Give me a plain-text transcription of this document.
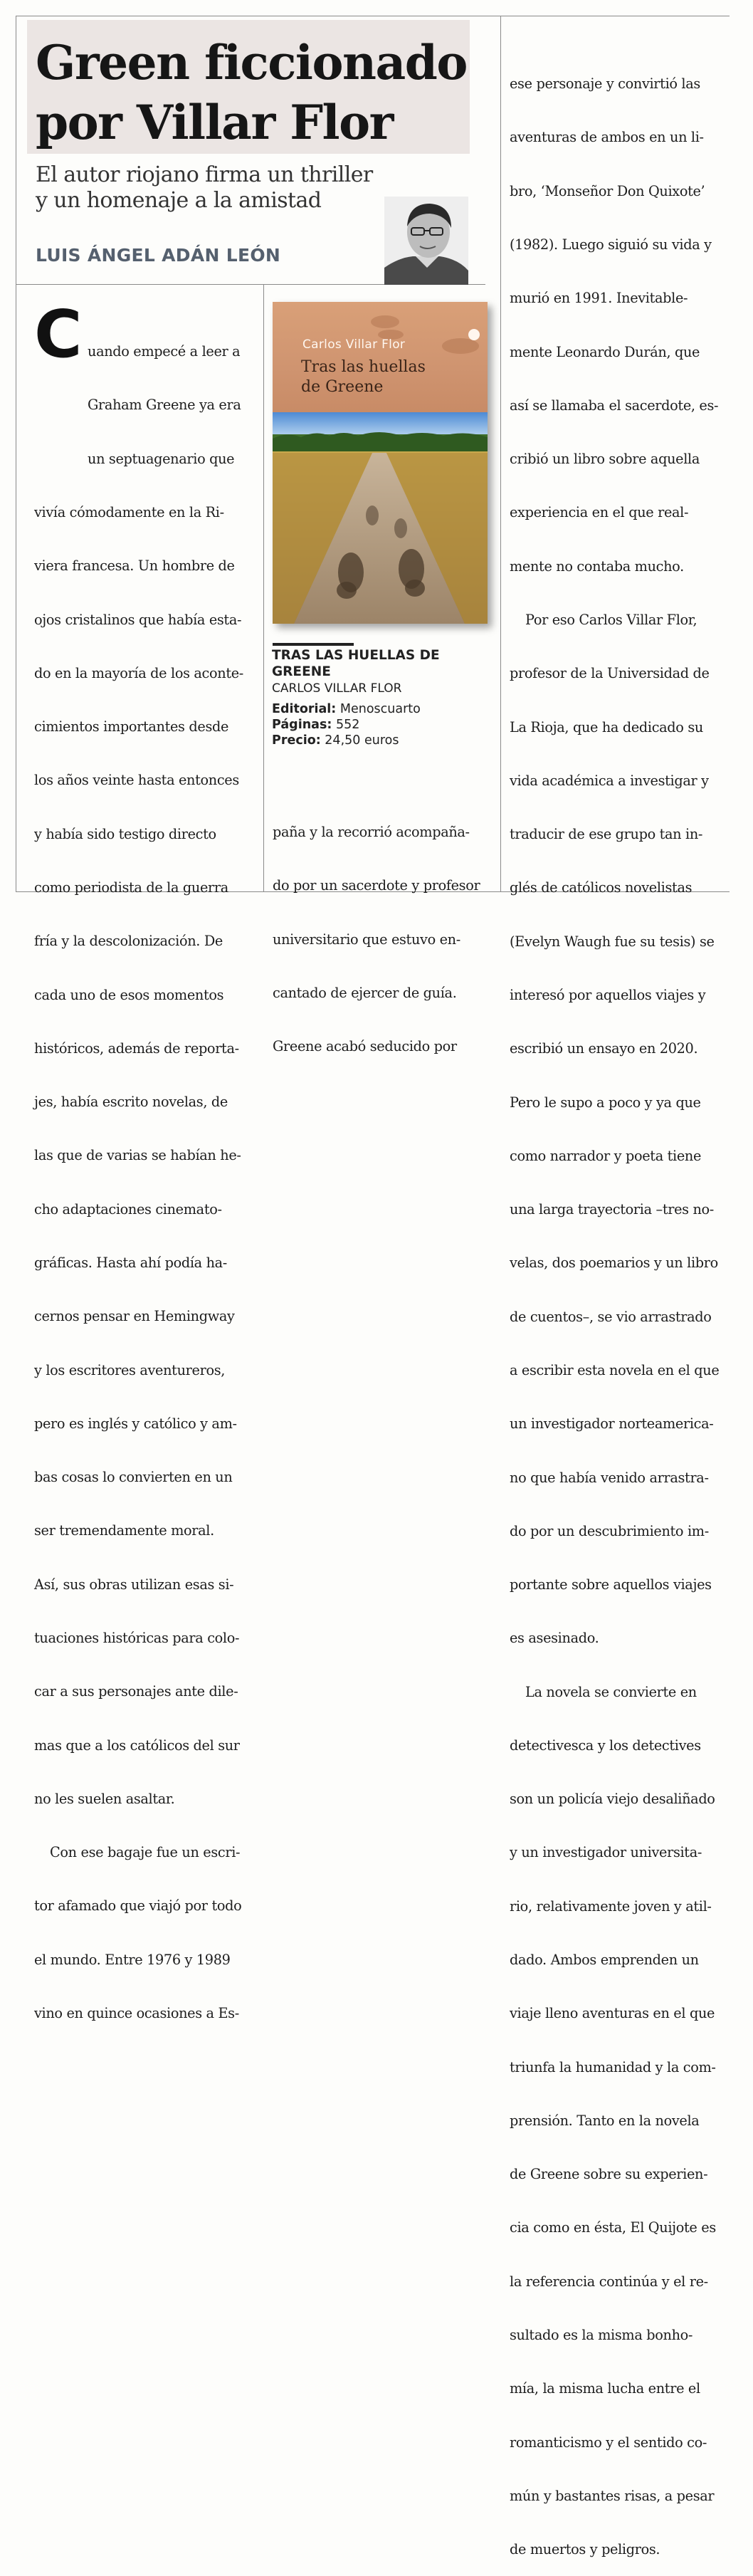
Green ficcionado
por Villar Flor
El autor riojano firma un thriller
y un homenaje a la amistad
LUIS ÁNGEL ADÁN LEÓN
C

uando empecé a leer a

Graham Greene ya era

un septuagenario que

vivía cómodamente en la Ri-

viera francesa. Un hombre de

ojos cristalinos que había esta-

do en la mayoría de los aconte-

cimientos importantes desde

los años veinte hasta entonces

y había sido testigo directo

como periodista de la guerra

fría y la descolonización. De

cada uno de esos momentos

históricos, además de reporta-

jes, había escrito novelas, de

las que de varias se habían he-

cho adaptaciones cinemato-

gráficas. Hasta ahí podía ha-

cernos pensar en Hemingway

y los escritores aventureros,

pero es inglés y católico y am-

bas cosas lo convierten en un

ser tremendamente moral.

Así, sus obras utilizan esas si-

tuaciones históricas para colo-

car a sus personajes ante dile-

mas que a los católicos del sur

no les suelen asaltar.

Con ese bagaje fue un escri-

tor afamado que viajó por todo

el mundo. Entre 1976 y 1989

vino en quince ocasiones a Es-

Carlos Villar Flor
Tras las huellas
de Greene
TRAS LAS HUELLAS DE
GREENE
CARLOS VILLAR FLOR
Editorial: Menoscuarto
Páginas: 552
Precio: 24,50 euros

paña y la recorrió acompaña-

do por un sacerdote y profesor

universitario que estuvo en-

cantado de ejercer de guía.

Greene acabó seducido por

ese personaje y convirtió las

aventuras de ambos en un li-

bro, ‘Monseñor Don Quixote’

(1982). Luego siguió su vida y

murió en 1991. Inevitable-

mente Leonardo Durán, que

así se llamaba el sacerdote, es-

cribió un libro sobre aquella

experiencia en el que real-

mente no contaba mucho.

Por eso Carlos Villar Flor,

profesor de la Universidad de

La Rioja, que ha dedicado su

vida académica a investigar y

traducir de ese grupo tan in-

glés de católicos novelistas

(Evelyn Waugh fue su tesis) se

interesó por aquellos viajes y

escribió un ensayo en 2020.

Pero le supo a poco y ya que

como narrador y poeta tiene

una larga trayectoria –tres no-

velas, dos poemarios y un libro

de cuentos–, se vio arrastrado

a escribir esta novela en el que

un investigador norteamerica-

no que había venido arrastra-

do por un descubrimiento im-

portante sobre aquellos viajes

es asesinado.

La novela se convierte en

detectivesca y los detectives

son un policía viejo desaliñado

y un investigador universita-

rio, relativamente joven y atil-

dado. Ambos emprenden un

viaje lleno aventuras en el que

triunfa la humanidad y la com-

prensión. Tanto en la novela

de Greene sobre su experien-

cia como en ésta, El Quijote es

la referencia continúa y el re-

sultado es la misma bonho-

mía, la misma lucha entre el

romanticismo y el sentido co-

mún y bastantes risas, a pesar

de muertos y peligros.
